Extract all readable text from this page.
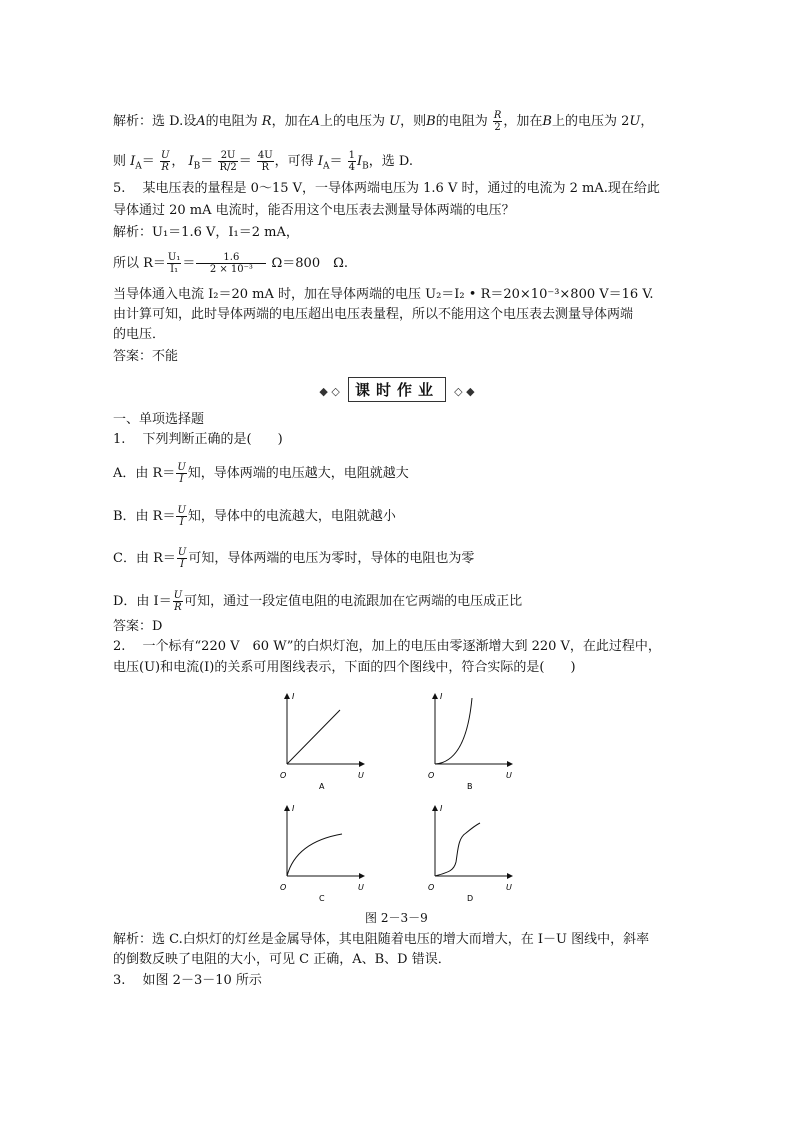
解析：选 D.设A的电阻为 R，加在A上的电压为 U，则B的电阻为 $\frac{R}{2}$ ，加在B上的电压为 2U，
则 $I_A= \frac{U}{R}$ ， $I_B= \frac{2U}{R/2} = \frac{4U}{R}$ ，可得 $I_A= \frac{1}{4} I_B$，选 D.
5.　 某电压表的量程是 0～15 V，一导体两端电压为 1.6 V 时，通过的电流为 2 mA.现在给此
导体通过 20 mA 电流时，能否用这个电压表去测量导体两端的电压？
解析：U₁＝1.6 V，I₁＝2 mA，
所以 $R= \frac{\text{U₁}}{\text{I₁}} = \frac{1.6}{\text{2 × 10⁻³}} \Omega=800$　Ω.
当导体通入电流 I₂＝20 mA 时，加在导体两端的电压 U₂＝I₂ • R＝20×10⁻³×800 V＝16 V.
由计算可知，此时导体两端的电压超出电压表量程，所以不能用这个电压表去测量导体两端
的电压．
答案：不能
◆ ◇ 课时作业 ◇ ◆
一、单项选择题
1.　 下列判断正确的是(　　)
A．由 $R= \frac{U}{I}$ 知，导体两端的电压越大，电阻就越大
B．由 $R= \frac{U}{I}$ 知，导体中的电流越大，电阻就越小
C．由 $R= \frac{U}{I}$ 可知，导体两端的电压为零时，导体的电阻也为零
D．由 $I= \frac{U}{R}$ 可知，通过一段定值电阻的电流跟加在它两端的电压成正比
答案：D
2.　 一个标有“220 V　60 W”的白炽灯泡，加上的电压由零逐渐增大到 220 V，在此过程中，
电压(U)和电流(I)的关系可用图线表示，下面的四个图线中，符合实际的是(　　)
I
U
O
A
I
U
O
B
I
U
O
C
I
U
O
D
图 2－3－9
解析：选 C.白炽灯的灯丝是金属导体，其电阻随着电压的增大而增大，在 I－U 图线中，斜率
的倒数反映了电阻的大小，可见 C 正确，A、B、D 错误．
3.　 如图 2－3－10 所示
